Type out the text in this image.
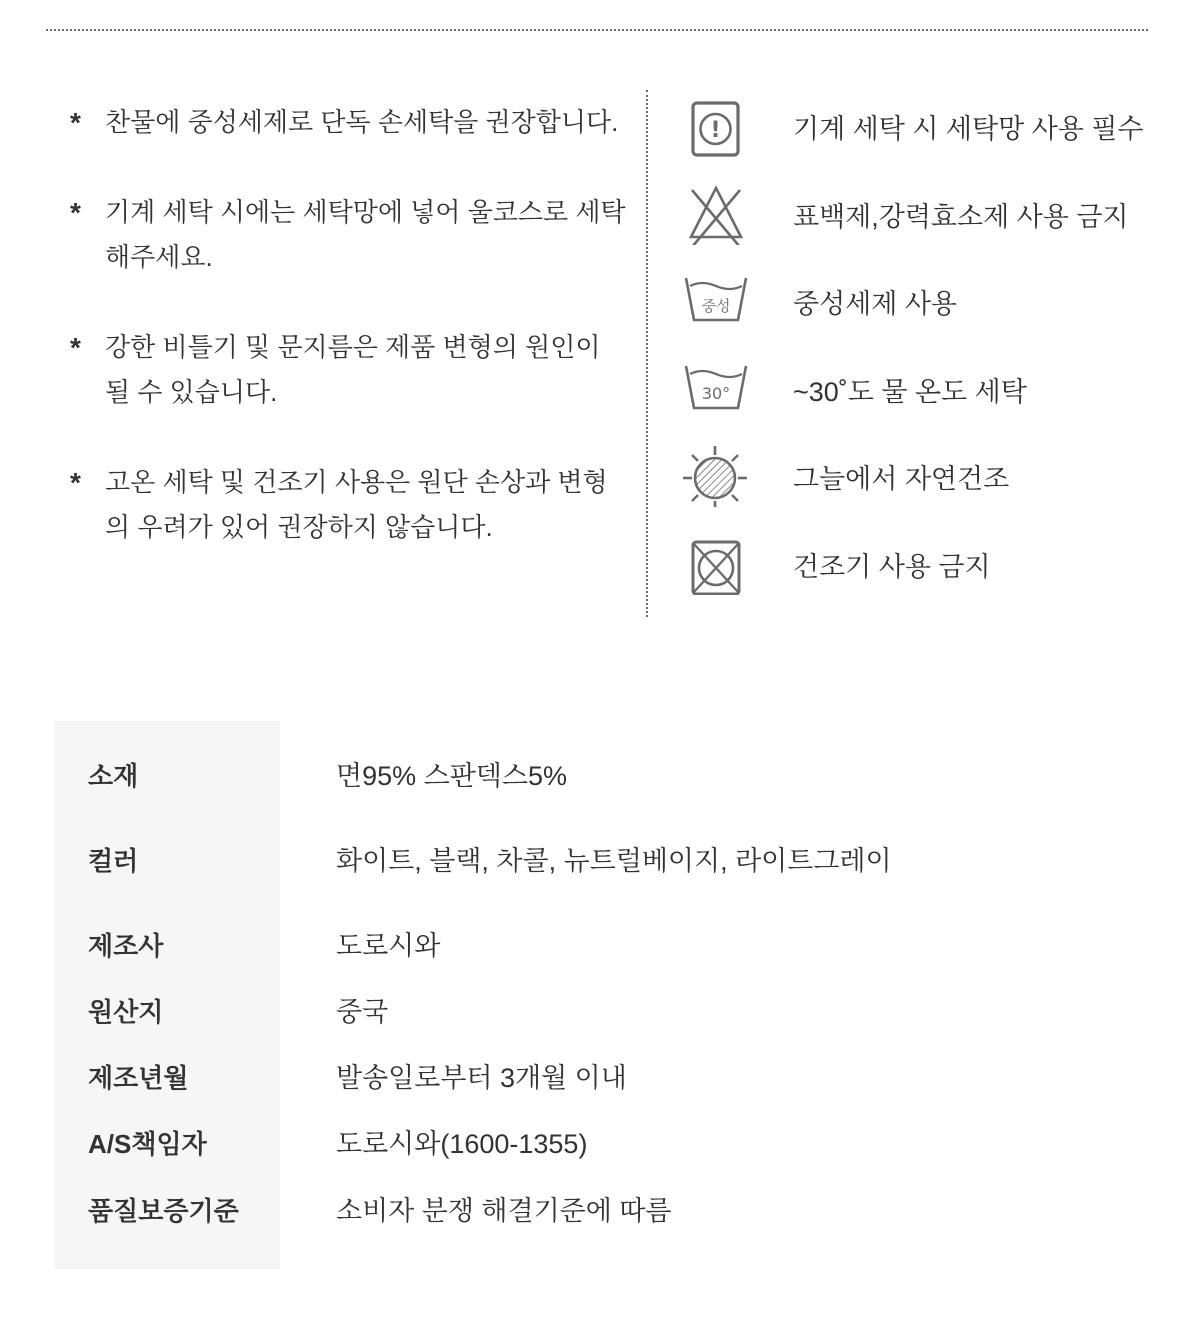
* 찬물에 중성세제로 단독 손세탁을 권장합니다.
* 기계 세탁 시에는 세탁망에 넣어 울코스로 세탁 해주세요.
* 강한 비틀기 및 문지름은 제품 변형의 원인이 될 수 있습니다.
* 고온 세탁 및 건조기 사용은 원단 손상과 변형의 우려가 있어 권장하지 않습니다.
!	기계 세탁 시 세탁망 사용 필수
표백제,강력효소제 사용 금지
중성 중성세제 사용
30° ~30˚도 물 온도 세탁
그늘에서 자연건조
건조기 사용 금지
소재	면95% 스판덱스5%
컬러	화이트, 블랙, 차콜, 뉴트럴베이지, 라이트그레이
제조사	도로시와
원산지	중국
제조년월	발송일로부터 3개월 이내
A/S책임자	도로시와(1600-1355)
품질보증기준	소비자 분쟁 해결기준에 따름
